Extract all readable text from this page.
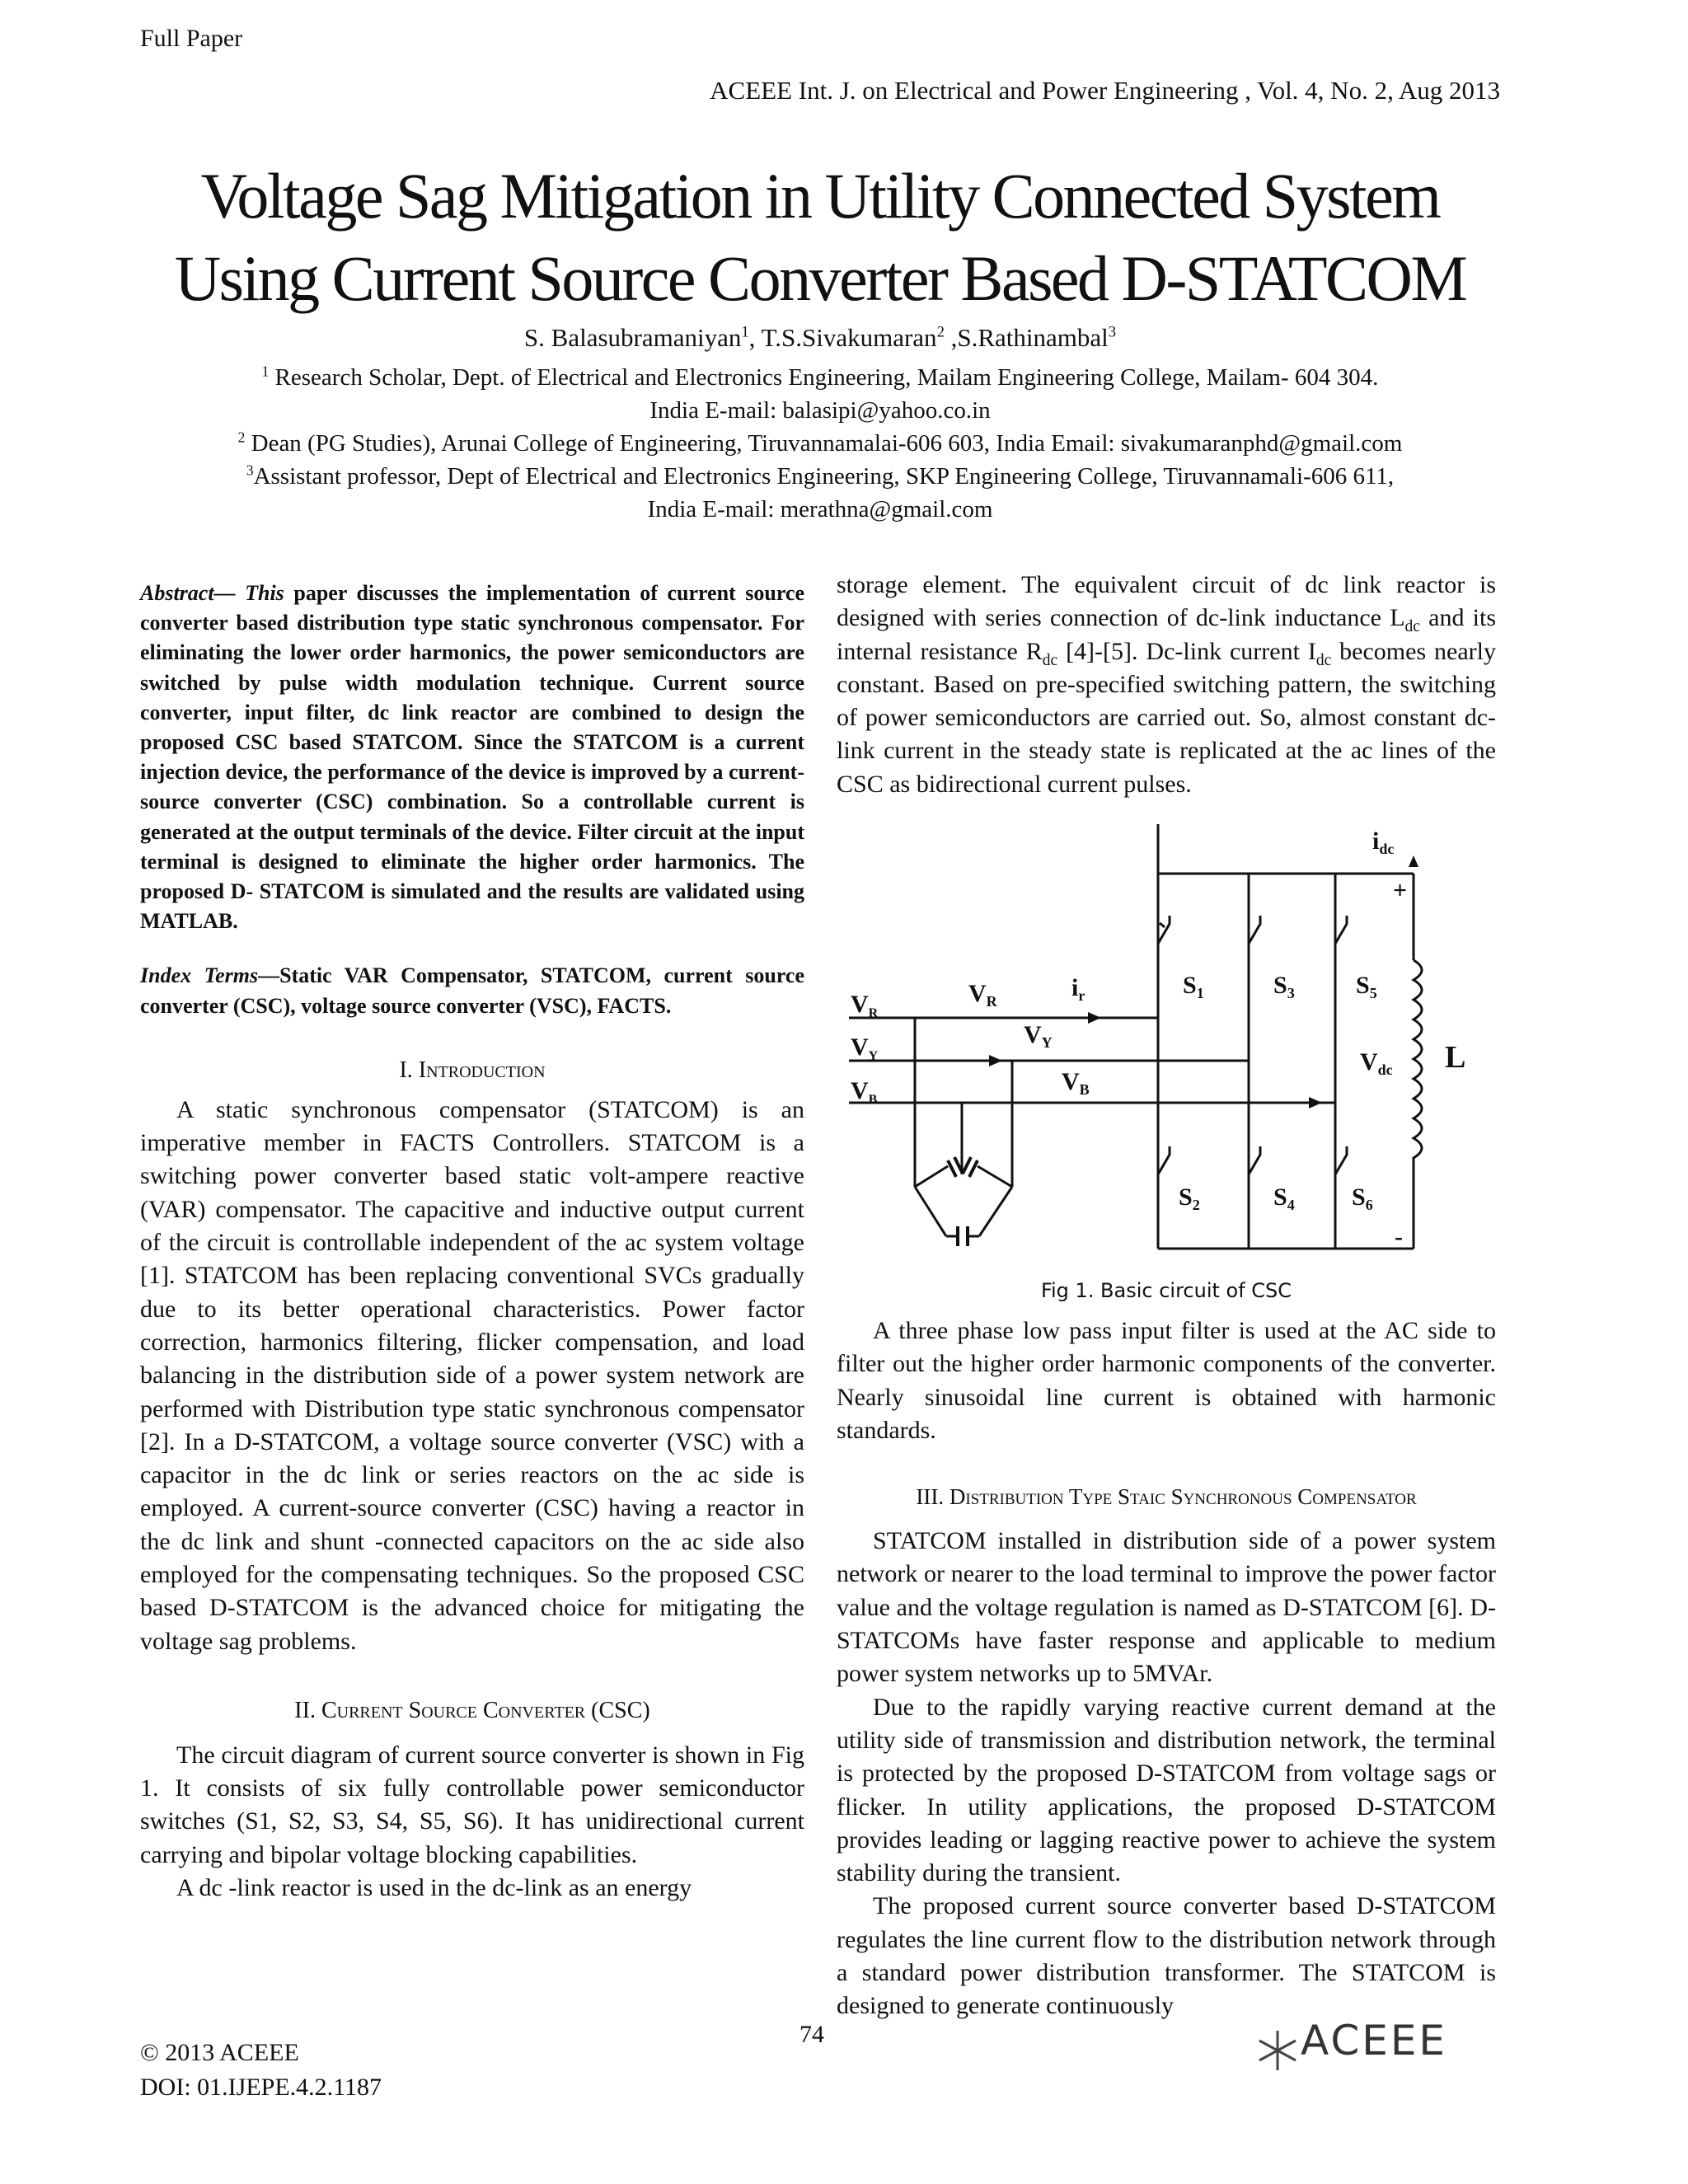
Full Paper
ACEEE Int. J. on Electrical and Power Engineering , Vol. 4, No. 2, Aug 2013
Voltage Sag Mitigation in Utility Connected System
Using Current Source Converter Based D-STATCOM
S. Balasubramaniyan$^1$, T.S.Sivakumaran$^2$ ,S.Rathinambal$^3$
$^1$ Research Scholar, Dept. of Electrical and Electronics Engineering, Mailam Engineering College, Mailam- 604 304.
India E-mail: balasipi@yahoo.co.in
$^2$ Dean (PG Studies), Arunai College of Engineering, Tiruvannamalai-606 603, India Email: sivakumaranphd@gmail.com
$^3$Assistant professor, Dept of Electrical and Electronics Engineering, SKP Engineering College, Tiruvannamali-606 611,
India E-mail: merathna@gmail.com

Abstract— This paper discusses the implementation of current source converter based distribution type static synchronous compensator. For eliminating the lower order harmonics, the power semiconductors are switched by pulse width modulation technique. Current source converter, input filter, dc link reactor are combined to design the proposed CSC based STATCOM. Since the STATCOM is a current injection device, the performance of the device is improved by a current-source converter (CSC) combination. So a controllable current is generated at the output terminals of the device. Filter circuit at the input terminal is designed to eliminate the higher order harmonics. The proposed D- STATCOM is simulated and the results are validated using MATLAB.

Index Terms—Static VAR Compensator, STATCOM, current source converter (CSC), voltage source converter (VSC), FACTS.

I. Introduction

A static synchronous compensator (STATCOM) is an imperative member in FACTS Controllers. STATCOM is a switching power converter based static volt-ampere reactive (VAR) compensator. The capacitive and inductive output current of the circuit is controllable independent of the ac system voltage [1]. STATCOM has been replacing conventional SVCs gradually due to its better operational characteristics. Power factor correction, harmonics filtering, flicker compensation, and load balancing in the distribution side of a power system network are performed with Distribution type static synchronous compensator [2]. In a D-STATCOM, a voltage source converter (VSC) with a capacitor in the dc link or series reactors on the ac side is employed. A current-source converter (CSC) having a reactor in the dc link and shunt -connected capacitors on the ac side also employed for the compensating techniques. So the proposed CSC based D-STATCOM is the advanced choice for mitigating the voltage sag problems.

II. Current Source Converter (CSC)

The circuit diagram of current source converter is shown in Fig 1. It consists of six fully controllable power semiconductor switches (S1, S2, S3, S4, S5, S6). It has unidirectional current carrying and bipolar voltage blocking capabilities.

A dc -link reactor is used in the dc-link as an energy

storage element. The equivalent circuit of dc link reactor is designed with series connection of dc-link inductance $L_{dc}$ and its internal resistance $R_{dc}$ [4]-[5]. Dc-link current $I_{dc}$ becomes nearly constant. Based on pre-specified switching pattern, the switching of power semiconductors are carried out. So, almost constant dc-link current in the steady state is replicated at the ac lines of the CSC as bidirectional current pulses.

$i_{dc}$
+
-
$S_1$	$S_3$ $S_5$
$S_2$	$S_4$ $S_6$
$V_R$
$V_Y$
$V_B$
$V_R$
$V_Y$
$V_B$
$i_r$
$V_{dc}$ L
Fig 1. Basic circuit of CSC

A three phase low pass input filter is used at the AC side to filter out the higher order harmonic components of the converter. Nearly sinusoidal line current is obtained with harmonic standards.

III. Distribution Type Staic Synchronous Compensator

STATCOM installed in distribution side of a power system network or nearer to the load terminal to improve the power factor value and the voltage regulation is named as D-STATCOM [6]. D-STATCOMs have faster response and applicable to medium power system networks up to 5MVAr.

Due to the rapidly varying reactive current demand at the utility side of transmission and distribution network, the terminal is protected by the proposed D-STATCOM from voltage sags or flicker. In utility applications, the proposed D-STATCOM provides leading or lagging reactive power to achieve the system stability during the transient.

The proposed current source converter based D-STATCOM regulates the line current flow to the distribution network through a standard power distribution transformer. The STATCOM is designed to generate continuously

© 2013 ACEEE
DOI: 01.IJEPE.4.2.1187
74	ACEEE
